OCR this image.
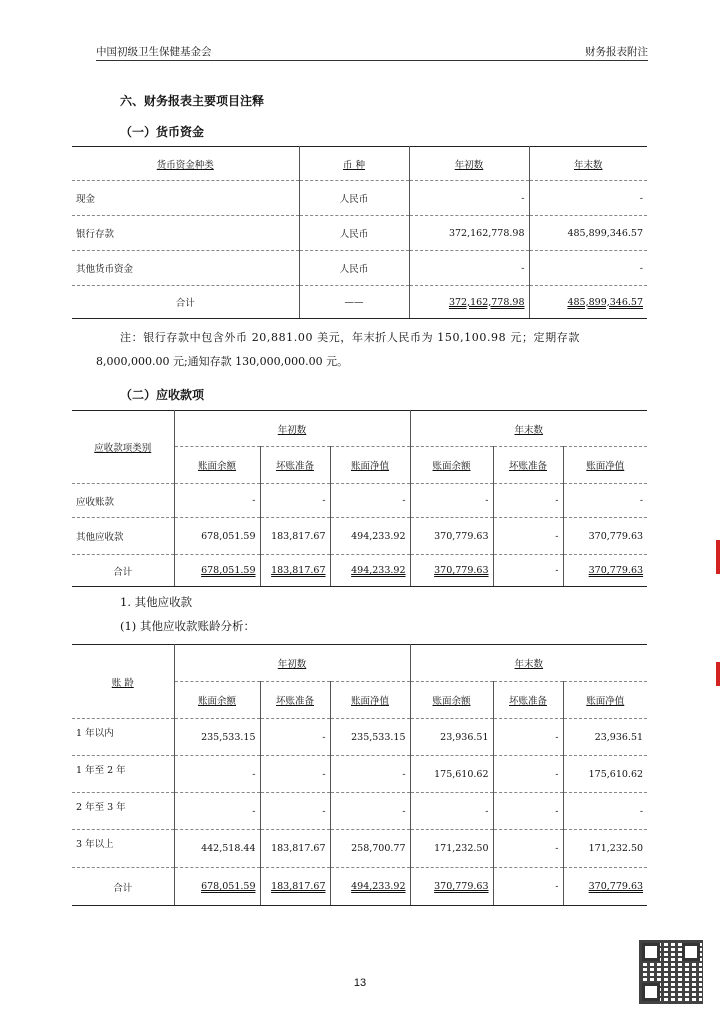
中国初级卫生保健基金会	财务报表附注
六、财务报表主要项目注释
（一）货币资金
货币资金种类	币 种	年初数	年末数
现金	人民币	-	-
银行存款	人民币	372,162,778.98	485,899,346.57
其他货币资金	人民币	-	-
合计	——	372,162,778.98	485,899,346.57
注：银行存款中包含外币 20,881.00 美元，年末折人民币为 150,100.98 元；定期存款
8,000,000.00 元;通知存款 130,000,000.00 元。
（二）应收款项
应收款项类别	年初数			年末数		
	账面余额	坏账准备	账面净值	账面余额	坏账准备	账面净值
应收账款	-	-	-	-	-	-
其他应收款	678,051.59	183,817.67	494,233.92	370,779.63	-	370,779.63
合计	678,051.59	183,817.67	494,233.92	370,779.63	-	370,779.63
1. 其他应收款
(1) 其他应收款账龄分析：
账 龄	年初数			年末数		
	账面余额	坏账准备	账面净值	账面余额	坏账准备	账面净值
1 年以内	235,533.15	-	235,533.15	23,936.51	-	23,936.51
1 年至 2 年	-	-	-	175,610.62	-	175,610.62
2 年至 3 年	-	-	-	-	-	-
3 年以上	442,518.44	183,817.67	258,700.77	171,232.50	-	171,232.50
合计	678,051.59	183,817.67	494,233.92	370,779.63	-	370,779.63
13
